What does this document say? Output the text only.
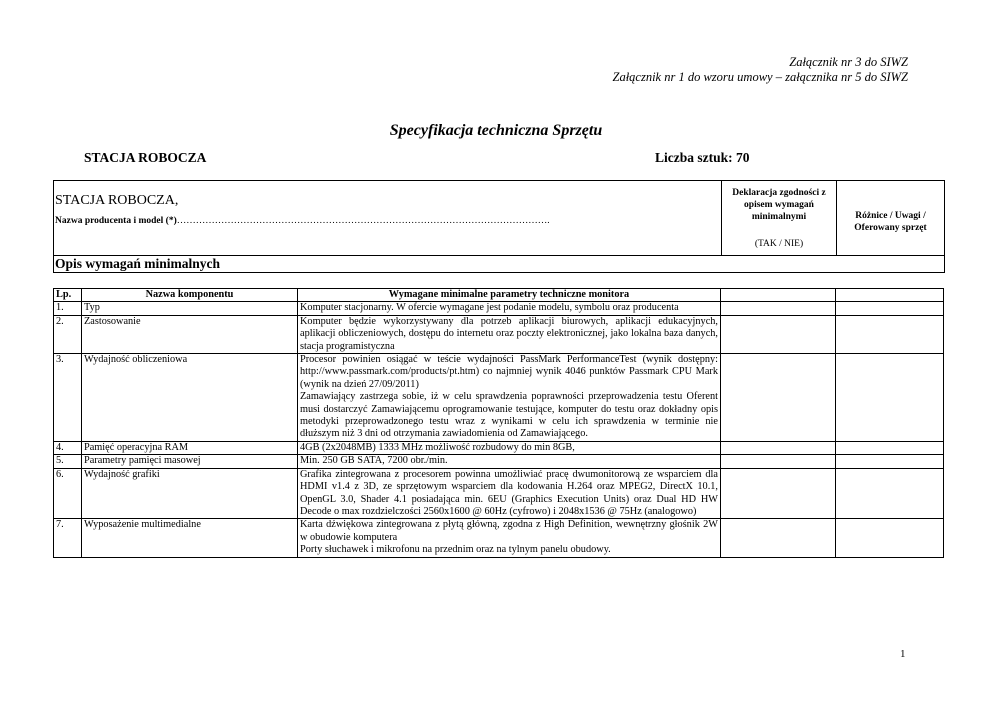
Załącznik nr 3 do SIWZ
Załącznik nr 1 do wzoru umowy – załącznika nr 5 do SIWZ
Specyfikacja techniczna Sprzętu
STACJA ROBOCZA	Liczba sztuk: 70
STACJA ROBOCZA,
Nazwa producenta i model (*)……………………………………………………………………………………………………….
Deklaracja zgodności z opisem wymagań minimalnymi
(TAK / NIE)
Różnice / Uwagi / Oferowany sprzęt
Opis wymagań minimalnych
Lp.	Nazwa komponentu	Wymagane minimalne parametry techniczne monitora		
1.	Typ	Komputer stacjonarny. W ofercie wymagane jest podanie modelu, symbolu oraz producenta		
2.	Zastosowanie	Komputer będzie wykorzystywany dla potrzeb aplikacji biurowych, aplikacji edukacyjnych, aplikacji obliczeniowych, dostępu do internetu oraz poczty elektronicznej, jako lokalna baza danych, stacja programistyczna		
3.	Wydajność obliczeniowa	Procesor powinien osiągać w teście wydajności PassMark PerformanceTest (wynik dostępny: http://www.passmark.com/products/pt.htm) co najmniej wynik 4046 punktów Passmark CPU Mark (wynik na dzień 27/09/2011)
Zamawiający zastrzega sobie, iż w celu sprawdzenia poprawności przeprowadzenia testu Oferent musi dostarczyć Zamawiającemu oprogramowanie testujące, komputer do testu oraz dokładny opis metodyki przeprowadzonego testu wraz z wynikami w celu ich sprawdzenia w terminie nie dłuższym niż 3 dni od otrzymania zawiadomienia od Zamawiającego.		

4.	Pamięć operacyjna RAM	4GB (2x2048MB) 1333 MHz możliwość rozbudowy do min 8GB,		
5.	Parametry pamięci masowej	Min. 250 GB SATA, 7200 obr./min.		
6.	Wydajność grafiki	Grafika zintegrowana z procesorem powinna umożliwiać pracę dwumonitorową ze wsparciem dla HDMI v1.4 z 3D, ze sprzętowym wsparciem dla kodowania H.264 oraz MPEG2, DirectX 10.1, OpenGL 3.0, Shader 4.1 posiadająca min. 6EU (Graphics Execution Units) oraz Dual HD HW Decode o max rozdzielczości 2560x1600 @ 60Hz (cyfrowo) i 2048x1536 @ 75Hz (analogowo)		
7.	Wyposażenie multimedialne	Karta dźwiękowa zintegrowana z płytą główną, zgodna z High Definition, wewnętrzny głośnik 2W w obudowie komputera
Porty słuchawek i mikrofonu na przednim oraz na tylnym panelu obudowy.		

1
